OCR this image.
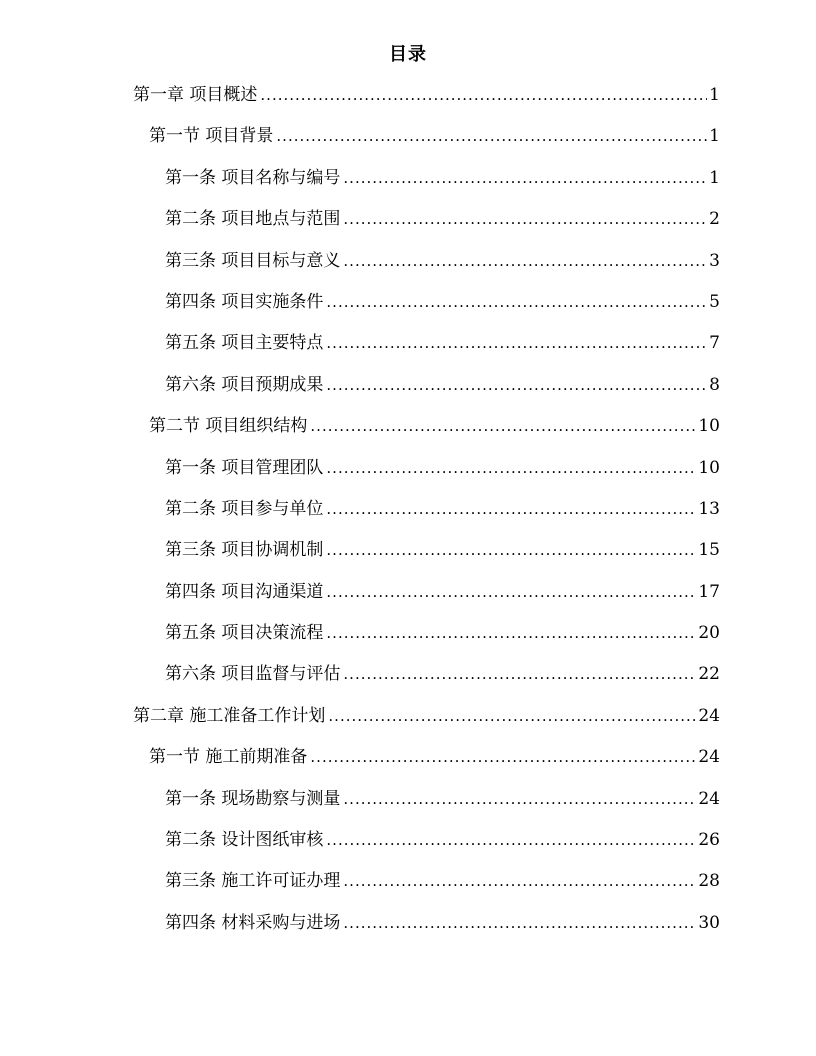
目录
第一章 项目概述 .....	1
第一节 项目背景 .....	1
第一条 项目名称与编号 .....	1
第二条 项目地点与范围 .....	2
第三条 项目目标与意义 .....	3
第四条 项目实施条件 .....	5
第五条 项目主要特点 .....	7
第六条 项目预期成果 .....	8
第二节 项目组织结构 .....	10
第一条 项目管理团队 .....	10
第二条 项目参与单位 .....	13
第三条 项目协调机制 .....	15
第四条 项目沟通渠道 .....	17
第五条 项目决策流程 .....	20
第六条 项目监督与评估 .....	22
第二章 施工准备工作计划 .....	24
第一节 施工前期准备 .....	24
第一条 现场勘察与测量 .....	24
第二条 设计图纸审核 .....	26
第三条 施工许可证办理 .....	28
第四条 材料采购与进场 .....	30
